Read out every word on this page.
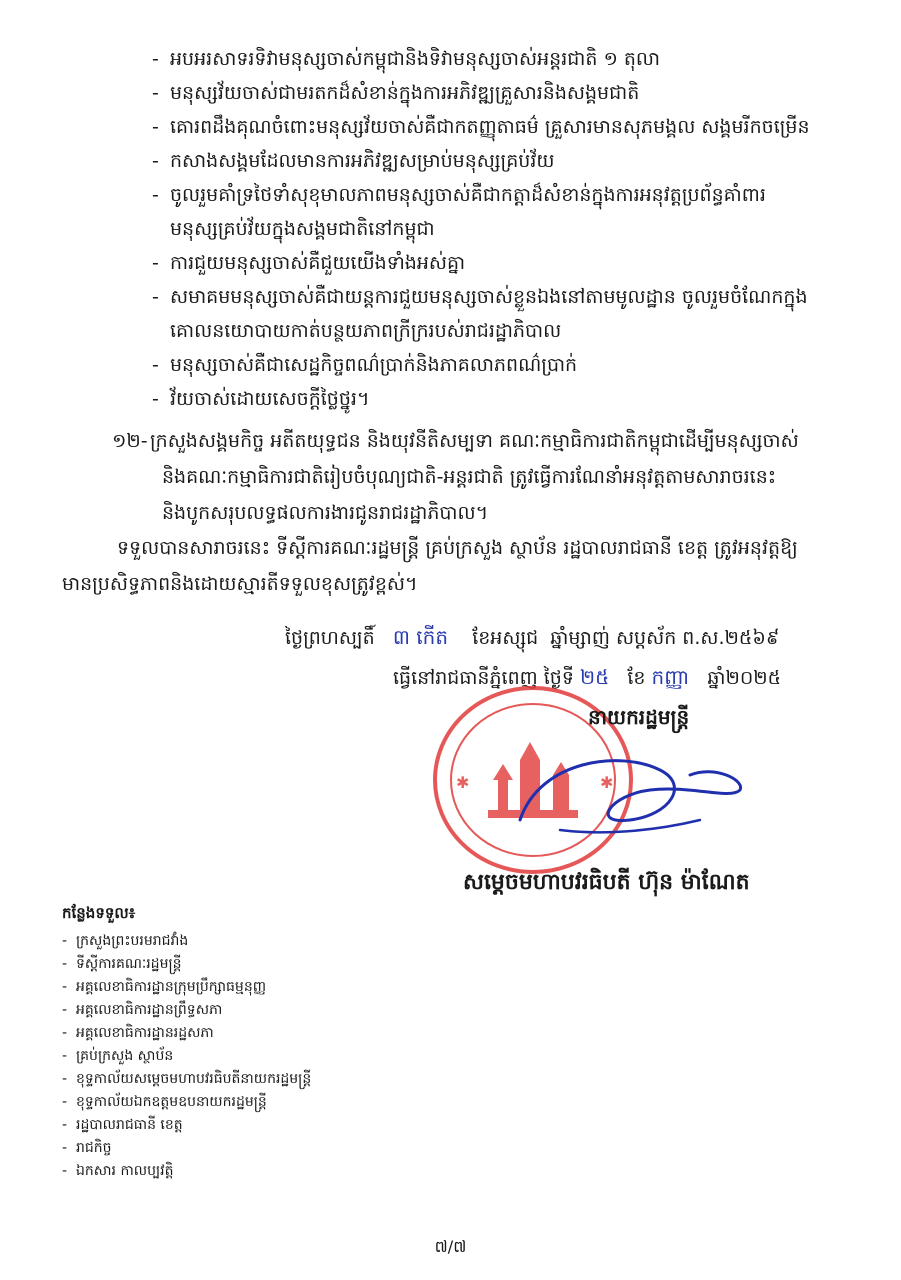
- អបអរសាទរទិវាមនុស្សចាស់កម្ពុជានិងទិវាមនុស្សចាស់អន្តរជាតិ ១ តុលា
- មនុស្សវ័យចាស់ជាមរតកដ៏សំខាន់ក្នុងការអភិវឌ្ឍគ្រួសារនិងសង្គមជាតិ
- គោរពដឹងគុណចំពោះមនុស្សវ័យចាស់គឺជាកតញ្ញុតាធម៌ គ្រួសារមានសុភមង្គល សង្គមរីកចម្រើន
- កសាងសង្គមដែលមានការអភិវឌ្ឍសម្រាប់មនុស្សគ្រប់វ័យ
- ចូលរួមគាំទ្រថៃទាំសុខុមាលភាពមនុស្សចាស់គឺជាកត្តាដ៏សំខាន់ក្នុងការអនុវត្តប្រព័ន្ធគាំពារ
មនុស្សគ្រប់វ័យក្នុងសង្គមជាតិនៅកម្ពុជា
- ការជួយមនុស្សចាស់គឺជួយយើងទាំងអស់គ្នា
- សមាគមមនុស្សចាស់គឺជាយន្តការជួយមនុស្សចាស់ខ្លួនឯងនៅតាមមូលដ្ឋាន ចូលរួមចំណែកក្នុង
គោលនយោបាយកាត់បន្ថយភាពក្រីក្ររបស់រាជរដ្ឋាភិបាល
- មនុស្សចាស់គឺជាសេដ្ឋកិច្ចពណ៌ប្រាក់និងភាគលាភពណ៌ប្រាក់
- វ័យចាស់ដោយសេចក្ដីថ្លៃថ្នូរ។
១២- ក្រសួងសង្គមកិច្ច អតីតយុទ្ធជន និងយុវនីតិសម្បទា គណៈកម្មាធិការជាតិកម្ពុជាដើម្បីមនុស្សចាស់
និងគណៈកម្មាធិការជាតិរៀបចំបុណ្យជាតិ-អន្តរជាតិ ត្រូវធ្វើការណែនាំអនុវត្តតាមសារាចរនេះ
និងបូកសរុបលទ្ធផលការងារជូនរាជរដ្ឋាភិបាល។
ទទួលបានសារាចរនេះ ទីស្ដីការគណៈរដ្ឋមន្ត្រី គ្រប់ក្រសួង ស្ថាប័ន រដ្ឋបាលរាជធានី ខេត្ត ត្រូវអនុវត្តឱ្យ
មានប្រសិទ្ធភាពនិងដោយស្មារតីទទួលខុសត្រូវខ្ពស់។
ថ្ងៃព្រហស្បតិ៍ ៣ កើត ខែអស្សុជ ឆ្នាំម្សាញ់ សប្តស័ក ព.ស.២៥៦៩
ធ្វើនៅរាជធានីភ្នំពេញ ថ្ងៃទី ២៥ ខែ កញ្ញា ឆ្នាំ២០២៥
✱	✱
នាយករដ្ឋមន្ត្រី
សម្ដេចមហាបវរធិបតី ហ៊ុន ម៉ាណែត
កន្លែងទទួល៖
- ក្រសួងព្រះបរមរាជវាំង
- ទីស្ដីការគណៈរដ្ឋមន្ត្រី
- អគ្គលេខាធិការដ្ឋានក្រុមប្រឹក្សាធម្មនុញ្ញ
- អគ្គលេខាធិការដ្ឋានព្រឹទ្ធសភា
- អគ្គលេខាធិការដ្ឋានរដ្ឋសភា
- គ្រប់ក្រសួង ស្ថាប័ន
- ខុទ្ទកាល័យសម្ដេចមហាបវរធិបតីនាយករដ្ឋមន្ត្រី
- ខុទ្ទកាល័យឯកឧត្តមឧបនាយករដ្ឋមន្ត្រី
- រដ្ឋបាលរាជធានី ខេត្ត
- រាជកិច្ច
- ឯកសារ កាលប្បវត្តិ
៧/៧
